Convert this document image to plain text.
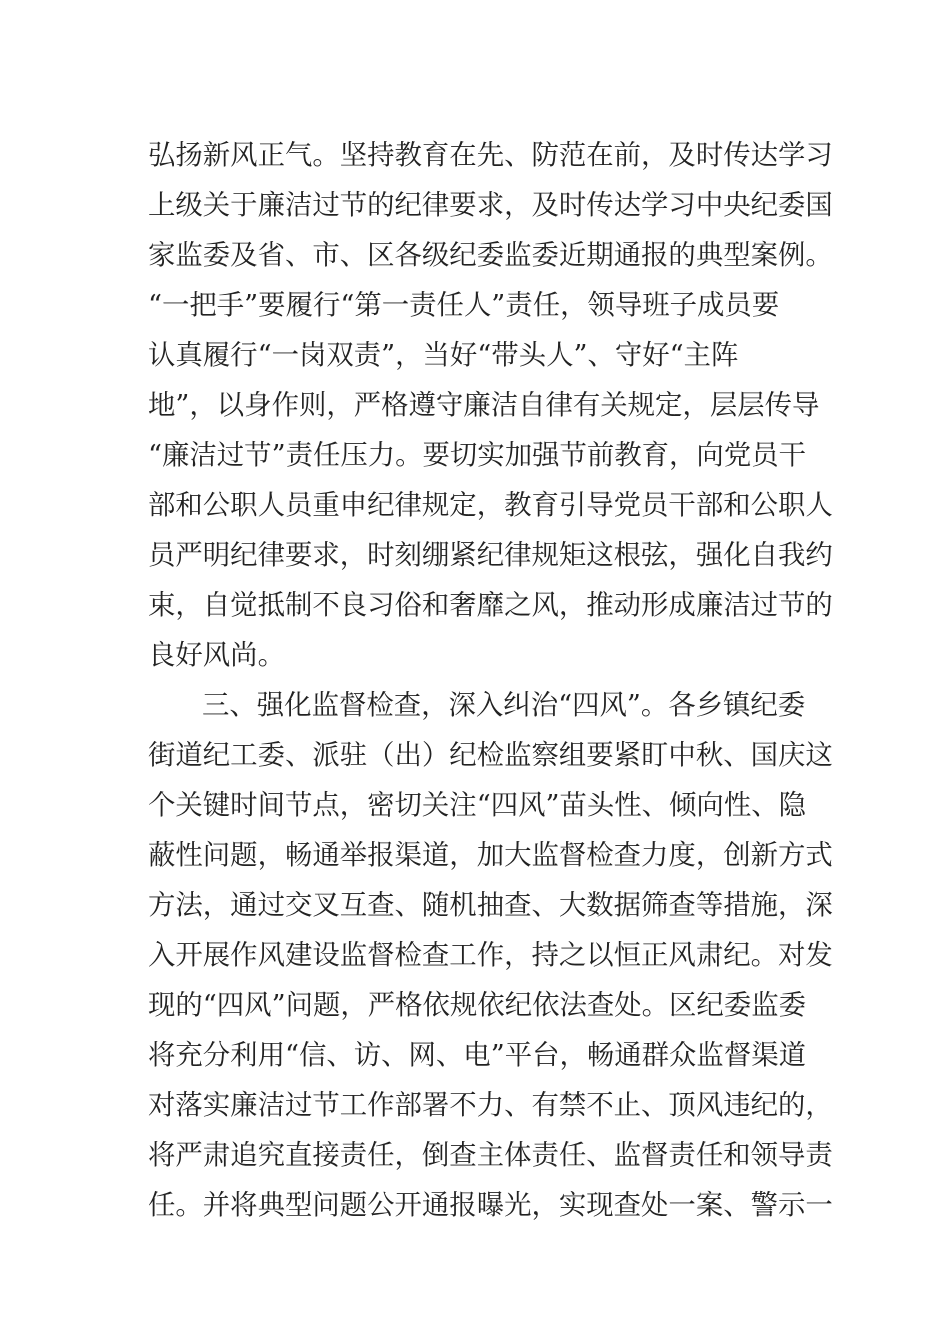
弘扬新风正气。坚持教育在先、防范在前，及时传达学习
上级关于廉洁过节的纪律要求，及时传达学习中央纪委国
家监委及省、市、区各级纪委监委近期通报的典型案例。
“一把手”要履行“第一责任人”责任，领导班子成员要
认真履行“一岗双责”，当好“带头人”、守好“主阵
地”，以身作则，严格遵守廉洁自律有关规定，层层传导
“廉洁过节”责任压力。要切实加强节前教育，向党员干
部和公职人员重申纪律规定，教育引导党员干部和公职人
员严明纪律要求，时刻绷紧纪律规矩这根弦，强化自我约
束，自觉抵制不良习俗和奢靡之风，推动形成廉洁过节的
良好风尚。
三、强化监督检查，深入纠治“四风”。各乡镇纪委
街道纪工委、派驻（出）纪检监察组要紧盯中秋、国庆这
个关键时间节点，密切关注“四风”苗头性、倾向性、隐
蔽性问题，畅通举报渠道，加大监督检查力度，创新方式
方法，通过交叉互查、随机抽查、大数据筛查等措施，深
入开展作风建设监督检查工作，持之以恒正风肃纪。对发
现的“四风”问题，严格依规依纪依法查处。区纪委监委
将充分利用“信、访、网、电”平台，畅通群众监督渠道
对落实廉洁过节工作部署不力、有禁不止、顶风违纪的，
将严肃追究直接责任，倒查主体责任、监督责任和领导责
任。并将典型问题公开通报曝光，实现查处一案、警示一
